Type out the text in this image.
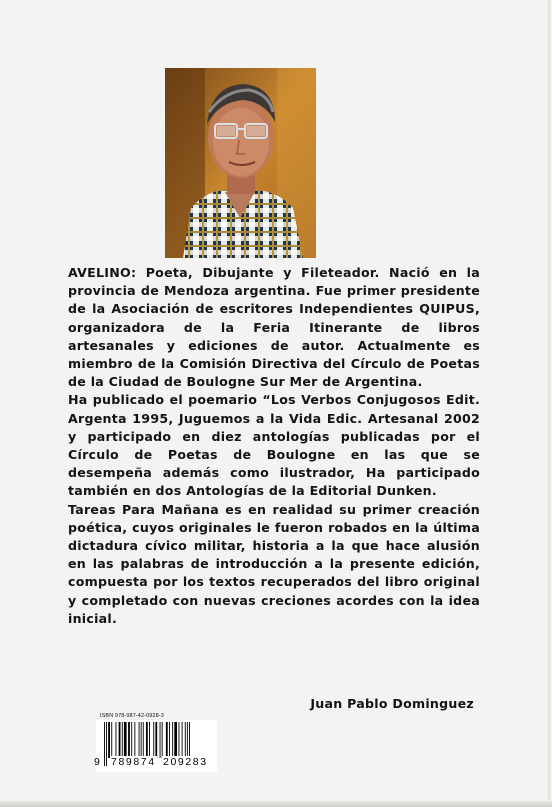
AVELINO: Poeta, Dibujante y Fileteador. Nació en la provincia de Mendoza argentina. Fue primer presidente de la Asociación de escritores Independientes QUIPUS, organizadora de la Feria Itinerante de libros artesanales y ediciones de autor. Actualmente es miembro de la Comisión Directiva del Círculo de Poetas de la Ciudad de Boulogne Sur Mer de Argentina.

Ha publicado el poemario “Los Verbos Conjugosos Edit. Argenta 1995, Juguemos a la Vida Edic. Artesanal 2002 y participado en diez antologías publicadas por el Círculo de Poetas de Boulogne en las que se desempeña además como ilustrador, Ha participado también en dos Antologías de la Editorial Dunken.

Tareas Para Mañana es en realidad su primer creación poética, cuyos originales le fueron robados en la última dictadura cívico militar, historia a la que hace alusión en las palabras de introducción a la presente edición, compuesta por los textos recuperados del libro original y completado con nuevas creciones acordes con la idea inicial.

Juan Pablo Dominguez
ISBN 978-987-42-0928-3
9 789874 209283
